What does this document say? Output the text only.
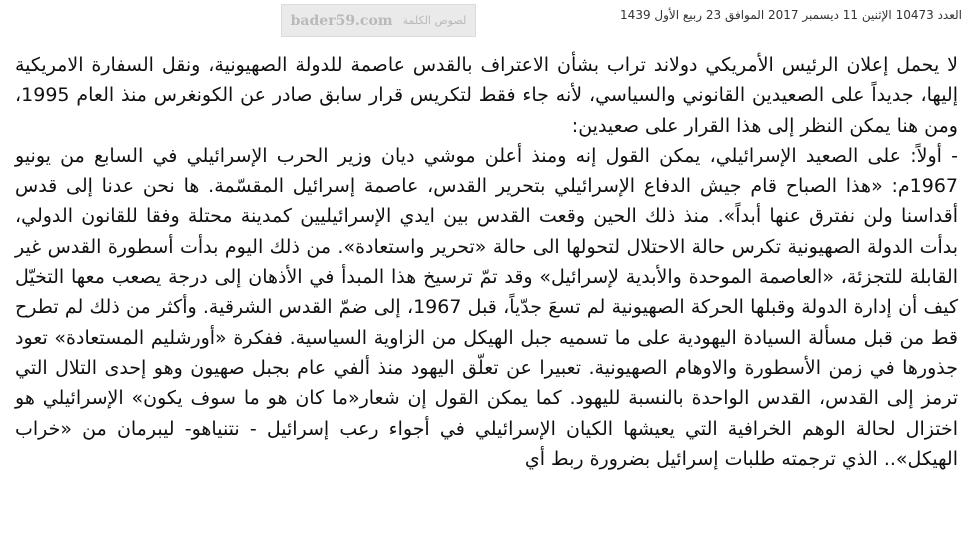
bader59.com لصوص الكلمة	العدد 10473 الإثنين 11 ديسمبر 2017 الموافق 23 ربيع الأول 1439

لا يحمل إعلان الرئيس الأمريكي دولاند تراب بشأن الاعتراف بالقدس عاصمة للدولة الصهيونية، ونقل السفارة الامريكية إليها، جديداً على الصعيدين القانوني والسياسي، لأنه جاء فقط لتكريس قرار سابق صادر عن الكونغرس منذ العام 1995، ومن هنا يمكن النظر إلى هذا القرار على صعيدين:

- أولاً: على الصعيد الإسرائيلي، يمكن القول إنه ومنذ أعلن موشي ديان وزير الحرب الإسرائيلي في السابع من يونيو 1967م: «هذا الصباح قام جيش الدفاع الإسرائيلي بتحرير القدس، عاصمة إسرائيل المقسّمة. ها نحن عدنا إلى قدس أقداسنا ولن نفترق عنها أبداً». منذ ذلك الحين وقعت القدس بين ايدي الإسرائيليين كمدينة محتلة وفقا للقانون الدولي، بدأت الدولة الصهيونية تكرس حالة الاحتلال لتحولها الى حالة «تحرير واستعادة». من ذلك اليوم بدأت أسطورة القدس غير القابلة للتجزئة، «العاصمة الموحدة والأبدية لإسرائيل» وقد تمّ ترسيخ هذا المبدأ في الأذهان إلى درجة يصعب معها التخيّل كيف أن إدارة الدولة وقبلها الحركة الصهيونية لم تسعَ جدّياً، قبل 1967، إلى ضمّ القدس الشرقية. وأكثر من ذلك لم تطرح قط من قبل مسألة السيادة اليهودية على ما تسميه جبل الهيكل من الزاوية السياسية. ففكرة «أورشليم المستعادة» تعود جذورها في زمن الأسطورة والاوهام الصهيونية. تعبيرا عن تعلّق اليهود منذ ألفي عام بجبل صهيون وهو إحدى التلال التي ترمز إلى القدس، القدس الواحدة بالنسبة لليهود. كما يمكن القول إن شعار«ما كان هو ما سوف يكون» الإسرائيلي هو اختزال لحالة الوهم الخرافية التي يعيشها الكيان الإسرائيلي في أجواء رعب إسرائيل - نتنياهو- ليبرمان من «خراب الهيكل».. الذي ترجمته طلبات إسرائيل بضرورة ربط أي
